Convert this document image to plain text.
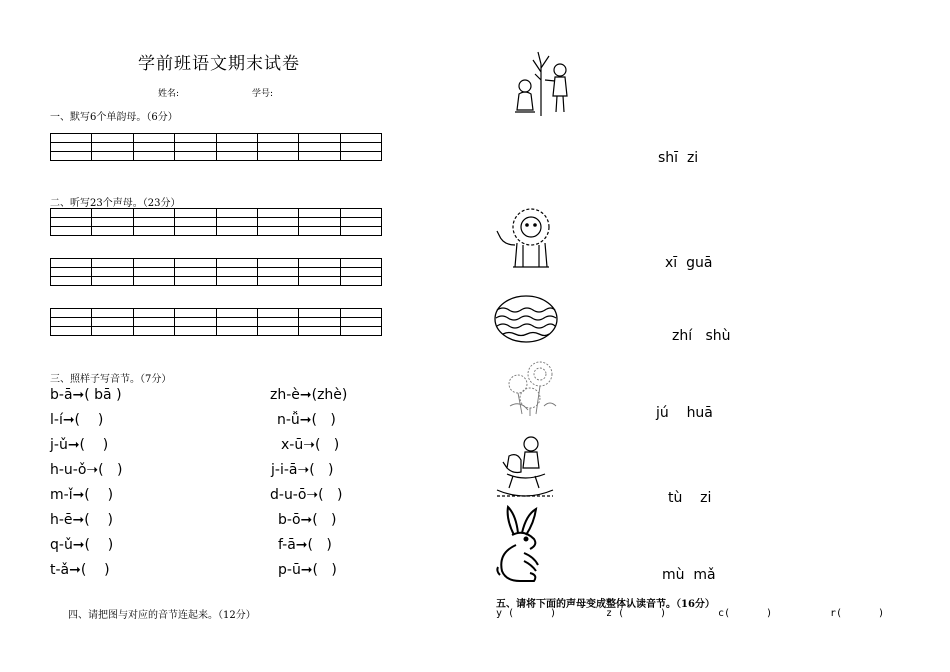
学前班语文期末试卷
姓名:	学号:
一、默写6个单韵母。（6分）

二、听写23个声母。（23分）

三、照样子写音节。（7分）
b-ā➞( bā )
l-í➞(    )
j-ǔ➞(    )
h-u-ǒ➝(   )
m-ǐ➞(    )
h-ē➞(    )
q-ǔ➞(    )
t-ǎ➞(    )
zh-è➞(zhè)
n-ǚ➞(   )
x-ū➝(   )
j-i-ā➝(   )
d-u-ō➝(   )
b-ō➞(   )
f-ā➞(   )
p-ū➞(   )
四、请把图与对应的音节连起来。（12分）
shī  zi
xī  guā
zhí   shù
jú    huā
tù    zi
mù  mǎ
五、请将下面的声母变成整体认读音节。（16分）
y (      )	z (      )	c(      )	r(      )
